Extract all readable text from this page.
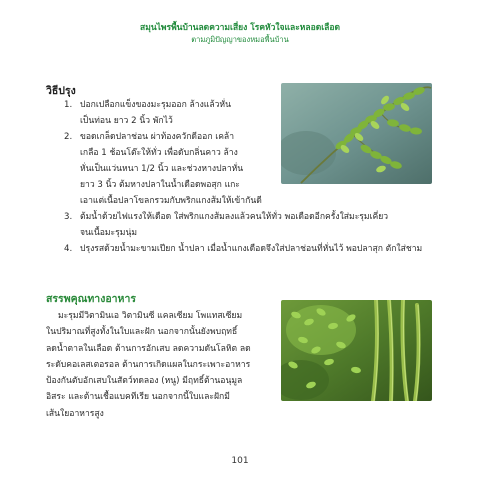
สมุนไพรพื้นบ้านลดความเสี่ยง โรคหัวใจและหลอดเลือด
ตามภูมิปัญญาของหมอพื้นบ้าน
วิธีปรุง
1. ปอกเปลือกแข็งของมะรุมออก ล้างแล้วหั่น
เป็นท่อน ยาว 2 นิ้ว พักไว้
2. ขอดเกล็ดปลาช่อน ผ่าท้องควักดีออก เคล้า
เกลือ 1 ช้อนโต๊ะให้ทั่ว เพื่อดับกลิ่นคาว ล้าง
หั่นเป็นแว่นหนา 1/2 นิ้ว และช่วงหางปลาหั่น
ยาว 3 นิ้ว ต้มหางปลาในน้ำเดือดพอสุก แกะ
เอาแต่เนื้อปลาโขลกรวมกับพริกแกงส้มให้เข้ากันดี
3. ต้มน้ำด้วยไฟแรงให้เดือด ใส่พริกแกงส้มลงแล้วคนให้ทั่ว พอเดือดอีกครั้งใส่มะรุมเคี่ยว
จนเนื้อมะรุมนุ่ม
4. ปรุงรสด้วยน้ำมะขามเปียก น้ำปลา เมื่อน้ำแกงเดือดจึงใส่ปลาช่อนที่หั่นไว้ พอปลาสุก ตักใส่ชาม
สรรพคุณทางอาหาร
มะรุมมีวิตามินเอ วิตามินซี แคลเซียม โพแทสเซียม
ในปริมาณที่สูงทั้งในใบและฝัก นอกจากนั้นยังพบฤทธิ์
ลดน้ำตาลในเลือด ต้านการอักเสบ ลดความดันโลหิต ลด
ระดับคอเลสเตอรอล ต้านการเกิดแผลในกระเพาะอาหาร
ป้องกันตับอักเสบในสัตว์ทดลอง (หนู) มีฤทธิ์ต้านอนุมูล
อิสระ และต้านเชื้อแบคทีเรีย นอกจากนี้ใบและฝักมี
เส้นใยอาหารสูง
101
